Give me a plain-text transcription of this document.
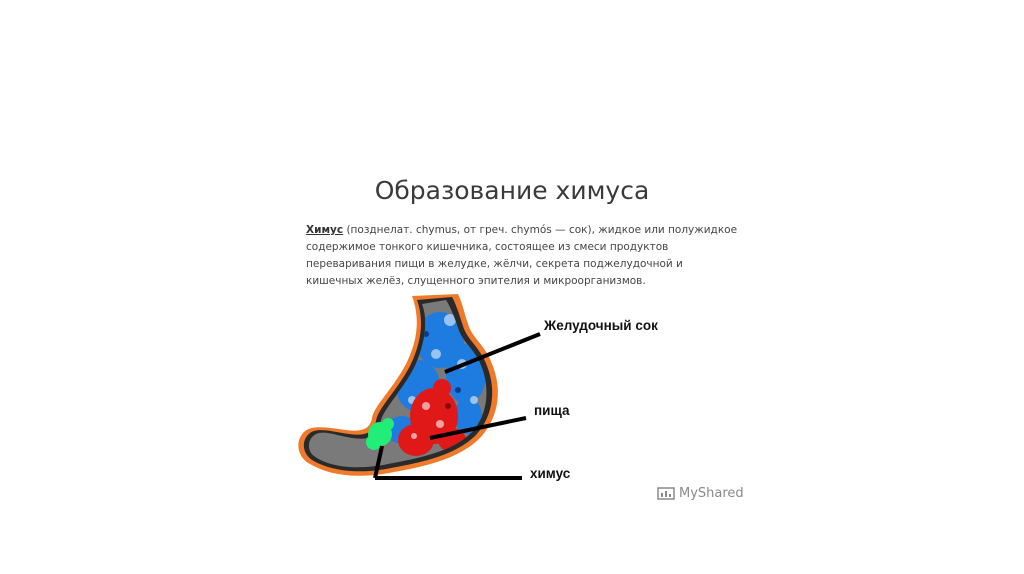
Образование химуса
Химус (позднелат. chymus, от греч. chymós — сок), жидкое или полужидкое содержимое тонкого кишечника, состоящее из смеси продуктов переваривания пищи в желудке, жёлчи, секрета поджелудочной и кишечных желёз, слущенного эпителия и микроорганизмов.
Желудочный сок
пища
химус
MyShared
